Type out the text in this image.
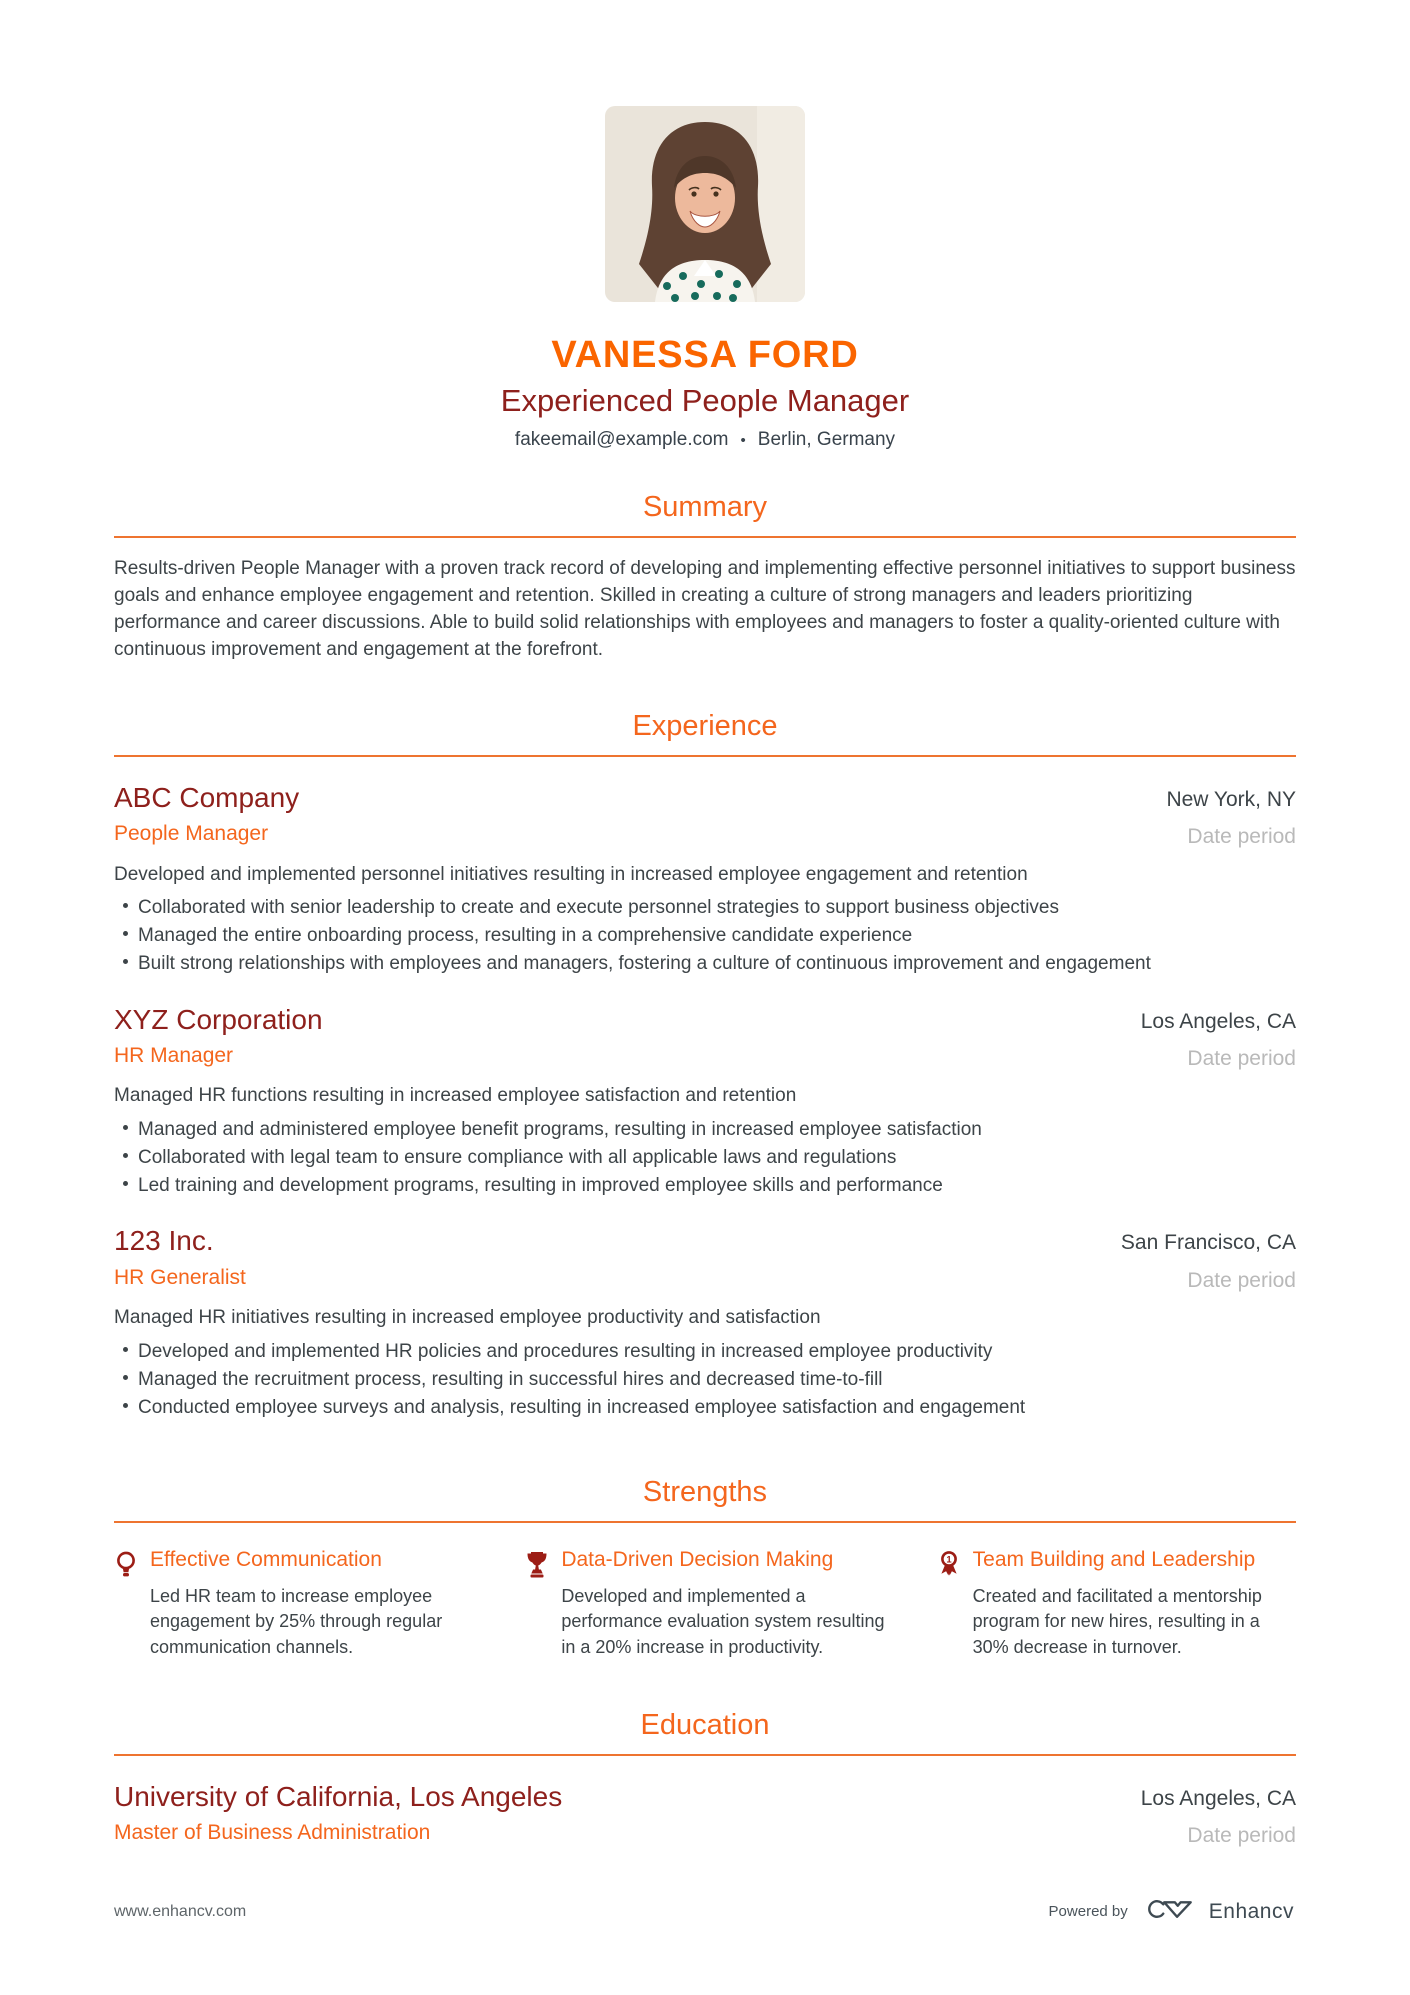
VANESSA FORD
Experienced People Manager
fakeemail@example.com • Berlin, Germany
Summary

Results-driven People Manager with a proven track record of developing and implementing effective personnel initiatives to support business goals and enhance employee engagement and retention. Skilled in creating a culture of strong managers and leaders prioritizing performance and career discussions. Able to build solid relationships with employees and managers to foster a quality-oriented culture with continuous improvement and engagement at the forefront.

Experience
ABC Company
People Manager
Developed and implemented personnel initiatives resulting in increased employee engagement and retention
Collaborated with senior leadership to create and execute personnel strategies to support business objectives
Managed the entire onboarding process, resulting in a comprehensive candidate experience
Built strong relationships with employees and managers, fostering a culture of continuous improvement and engagement
New York, NY
Date period
XYZ Corporation
HR Manager
Managed HR functions resulting in increased employee satisfaction and retention
Managed and administered employee benefit programs, resulting in increased employee satisfaction
Collaborated with legal team to ensure compliance with all applicable laws and regulations
Led training and development programs, resulting in improved employee skills and performance
Los Angeles, CA
Date period
123 Inc.
HR Generalist
Managed HR initiatives resulting in increased employee productivity and satisfaction
Developed and implemented HR policies and procedures resulting in increased employee productivity
Managed the recruitment process, resulting in successful hires and decreased time-to-fill
Conducted employee surveys and analysis, resulting in increased employee satisfaction and engagement
San Francisco, CA
Date period
Strengths
Effective Communication
Led HR team to increase employee engagement by 25% through regular communication channels.
Data-Driven Decision Making
Developed and implemented a performance evaluation system resulting in a 20% increase in productivity.
1 Team Building and Leadership
Created and facilitated a mentorship program for new hires, resulting in a 30% decrease in turnover.
Education
University of California, Los Angeles
Master of Business Administration
Los Angeles, CA
Date period
www.enhancv.com	Powered by	Enhancv
